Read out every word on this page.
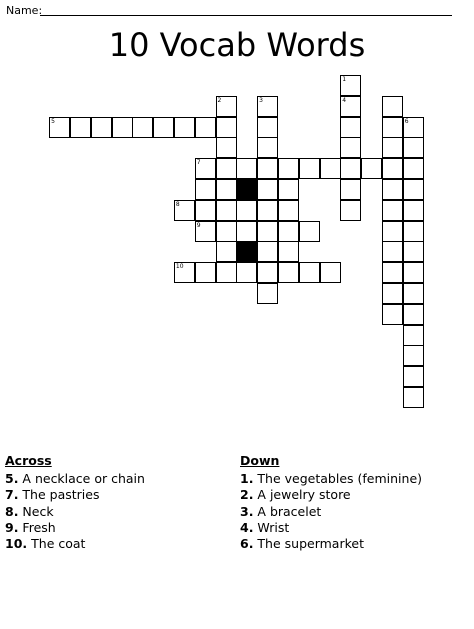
Name:
10 Vocab Words
1
2	3	4
5	6
7
8
9
10
Across
5. A necklace or chain
7. The pastries
8. Neck
9. Fresh
10. The coat
Down
1. The vegetables (feminine)
2. A jewelry store
3. A bracelet
4. Wrist
6. The supermarket
